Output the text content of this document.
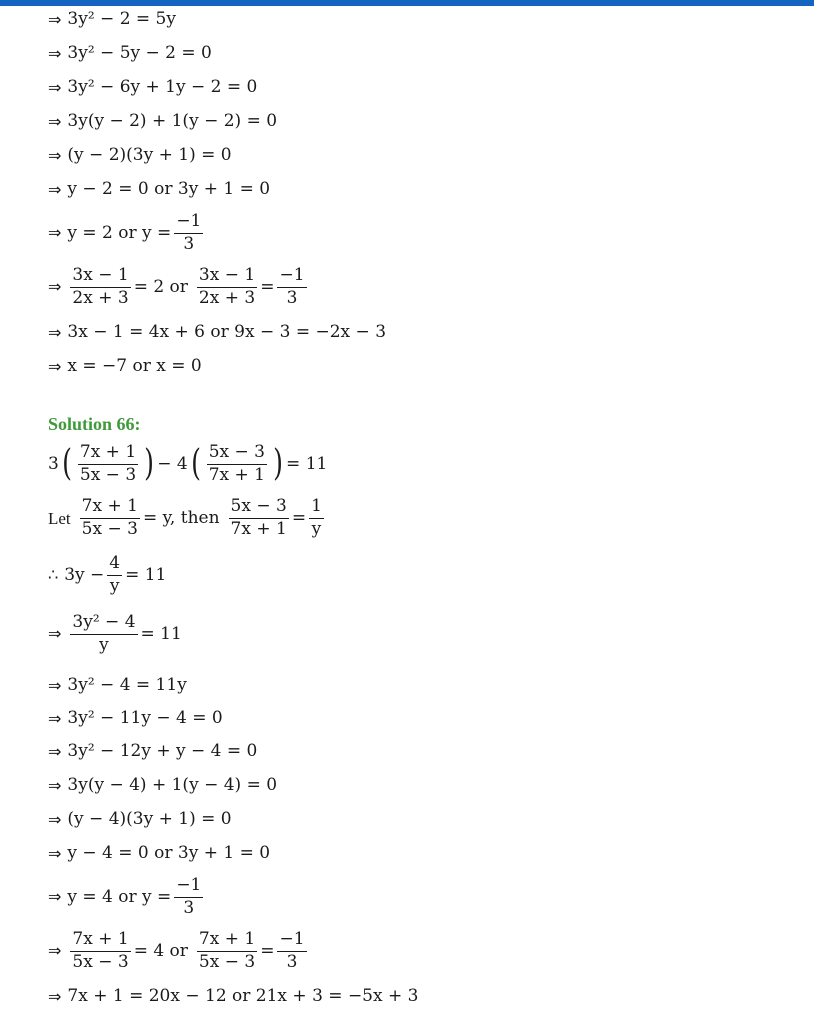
⇒ 3y² − 2 = 5y
⇒ 3y² − 5y − 2 = 0
⇒ 3y² − 6y + 1y − 2 = 0
⇒ 3y(y − 2) + 1(y − 2) = 0
⇒ (y − 2)(3y + 1) = 0
⇒ y − 2 = 0 or 3y + 1 = 0
⇒ y = 2 or $y = \frac{-1}{3}$
⇒ $\frac{3x - 1}{2x + 3} = 2$ or $\frac{3x - 1}{2x + 3} = \frac{-1}{3}$
⇒ 3x − 1 = 4x + 6 or 9x − 3 = −2x − 3
⇒ x = −7 or x = 0
Solution 66:
3 ( $\frac{7x + 1}{5x - 3}$ ) − 4 ( $\frac{5x - 3}{7x + 1}$ ) = 11
Let $\frac{7x + 1}{5x - 3} = y$, then $\frac{5x - 3}{7x + 1} = \frac{1}{y}$
∴ $3y - \frac{4}{y} = 11$
⇒ $\frac{\text{3y² − 4}}{y} = 11$
⇒ 3y² − 4 = 11y
⇒ 3y² − 11y − 4 = 0
⇒ 3y² − 12y + y − 4 = 0
⇒ 3y(y − 4) + 1(y − 4) = 0
⇒ (y − 4)(3y + 1) = 0
⇒ y − 4 = 0 or 3y + 1 = 0
⇒ y = 4 or $y = \frac{-1}{3}$
⇒ $\frac{7x + 1}{5x - 3} = 4$ or $\frac{7x + 1}{5x - 3} = \frac{-1}{3}$
⇒ 7x + 1 = 20x − 12 or 21x + 3 = −5x + 3
